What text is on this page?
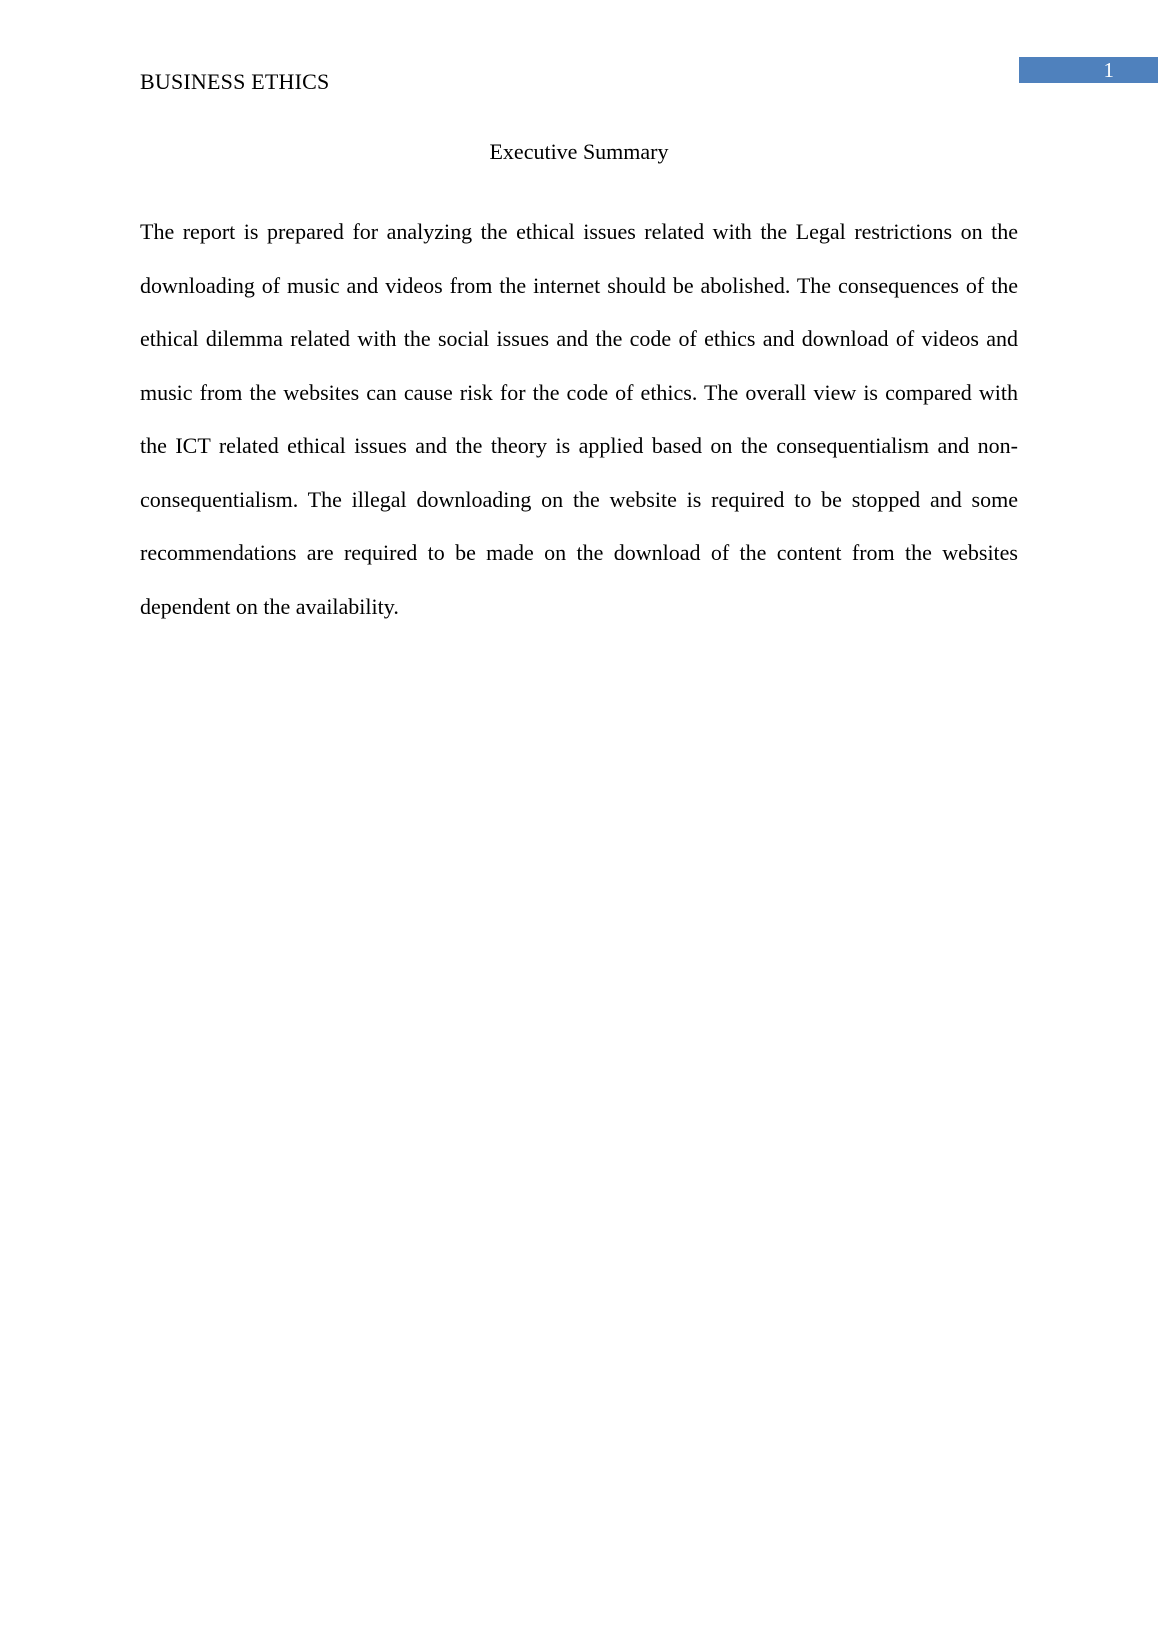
BUSINESS ETHICS	1
Executive Summary

The report is prepared for analyzing the ethical issues related with the Legal restrictions on the downloading of music and videos from the internet should be abolished. The consequences of the ethical dilemma related with the social issues and the code of ethics and download of videos and music from the websites can cause risk for the code of ethics. The overall view is compared with the ICT related ethical issues and the theory is applied based on the consequentialism and non-consequentialism. The illegal downloading on the website is required to be stopped and some recommendations are required to be made on the download of the content from the websites dependent on the availability.
